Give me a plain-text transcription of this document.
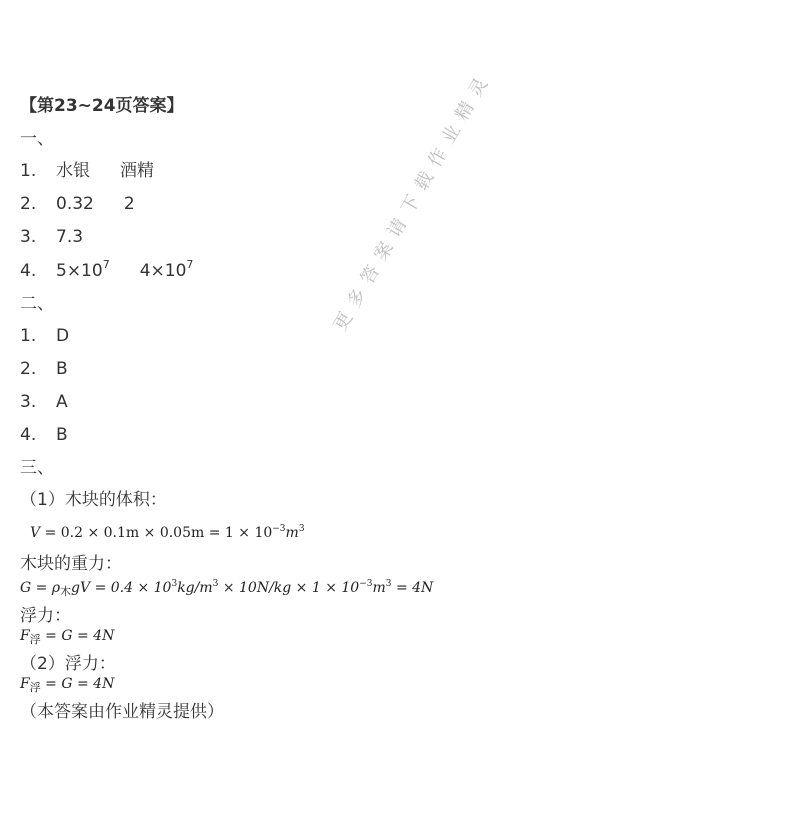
【第23~24页答案】	更多答案请下载作业精灵
一、
1. 水银 酒精
2. 0.32 2
3. 7.3
4. $5\times 10^7$ $4\times 10^7$
二、
1. D
2. B
3. A
4. B
三、
（1）木块的体积：
$V = 0.2 \times 0.1m \times 0.05m = 1 \times 10^{-3}m^3$
木块的重力：
$G = \rho_木gV = 0.4 \times 10^3kg/m^3 \times 10N/kg \times 1 \times 10^{-3}m^3 = 4N$
浮力：
$F_浮 = G = 4N$
（2）浮力：
$F_浮 = G = 4N$
（本答案由作业精灵提供）
